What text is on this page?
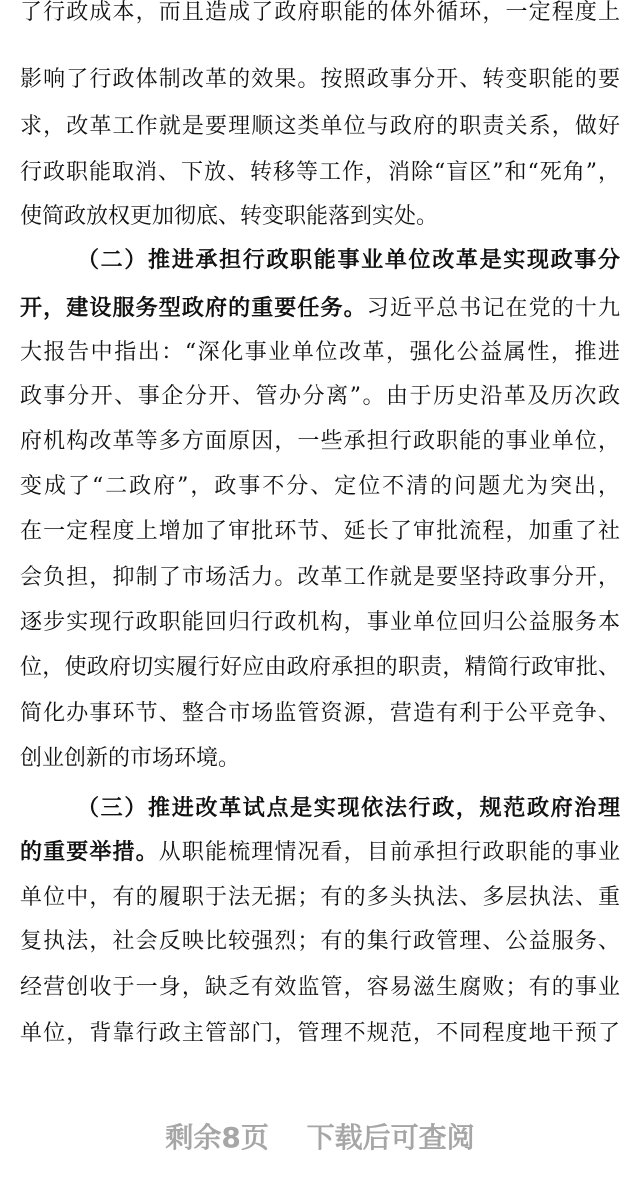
了行政成本，而且造成了政府职能的体外循环，一定程度上
影响了行政体制改革的效果。按照政事分开、转变职能的要
求，改革工作就是要理顺这类单位与政府的职责关系，做好
行政职能取消、下放、转移等工作，消除“盲区”和“死角”，
使简政放权更加彻底、转变职能落到实处。
（二）推进承担行政职能事业单位改革是实现政事分
开，建设服务型政府的重要任务。习近平总书记在党的十九
大报告中指出：“深化事业单位改革，强化公益属性，推进
政事分开、事企分开、管办分离”。由于历史沿革及历次政
府机构改革等多方面原因，一些承担行政职能的事业单位，
变成了“二政府”，政事不分、定位不清的问题尤为突出，
在一定程度上增加了审批环节、延长了审批流程，加重了社
会负担，抑制了市场活力。改革工作就是要坚持政事分开，
逐步实现行政职能回归行政机构，事业单位回归公益服务本
位，使政府切实履行好应由政府承担的职责，精简行政审批、
简化办事环节、整合市场监管资源，营造有利于公平竞争、
创业创新的市场环境。
（三）推进改革试点是实现依法行政，规范政府治理
的重要举措。从职能梳理情况看，目前承担行政职能的事业
单位中，有的履职于法无据；有的多头执法、多层执法、重
复执法，社会反映比较强烈；有的集行政管理、公益服务、
经营创收于一身，缺乏有效监管，容易滋生腐败；有的事业
单位，背靠行政主管部门，管理不规范，不同程度地干预了
剩余8页 下载后可查阅
